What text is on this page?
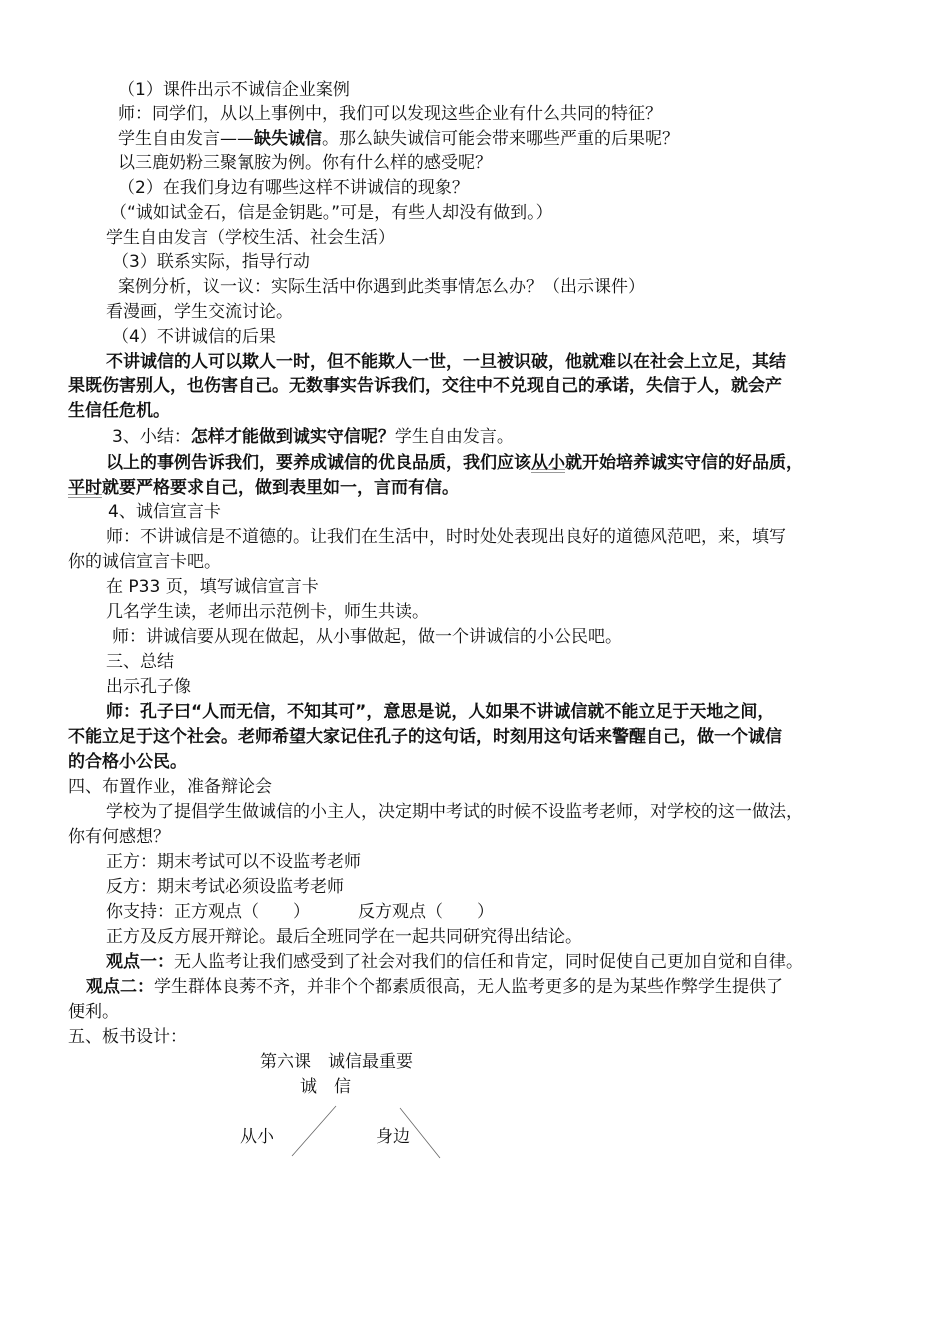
（1）课件出示不诚信企业案例
师：同学们，从以上事例中，我们可以发现这些企业有什么共同的特征？
学生自由发言——缺失诚信。那么缺失诚信可能会带来哪些严重的后果呢？
以三鹿奶粉三聚氰胺为例。你有什么样的感受呢？
（2）在我们身边有哪些这样不讲诚信的现象？
（“诚如试金石，信是金钥匙。”可是，有些人却没有做到。）
学生自由发言（学校生活、社会生活）
（3）联系实际，指导行动
案例分析，议一议：实际生活中你遇到此类事情怎么办？（出示课件）
看漫画，学生交流讨论。
（4）不讲诚信的后果
不讲诚信的人可以欺人一时，但不能欺人一世，一旦被识破，他就难以在社会上立足，其结
果既伤害别人，也伤害自己。无数事实告诉我们，交往中不兑现自己的承诺，失信于人，就会产
生信任危机。
3、小结：怎样才能做到诚实守信呢？学生自由发言。
以上的事例告诉我们，要养成诚信的优良品质，我们应该从小就开始培养诚实守信的好品质，
平时就要严格要求自己，做到表里如一，言而有信。
4、诚信宣言卡
师：不讲诚信是不道德的。让我们在生活中，时时处处表现出良好的道德风范吧，来，填写
你的诚信宣言卡吧。
在 P33 页，填写诚信宣言卡
几名学生读，老师出示范例卡，师生共读。
师：讲诚信要从现在做起，从小事做起，做一个讲诚信的小公民吧。
三、总结
出示孔子像
师：孔子曰“人而无信，不知其可”，意思是说，人如果不讲诚信就不能立足于天地之间，
不能立足于这个社会。老师希望大家记住孔子的这句话，时刻用这句话来警醒自己，做一个诚信
的合格小公民。
四、布置作业，准备辩论会
学校为了提倡学生做诚信的小主人，决定期中考试的时候不设监考老师，对学校的这一做法，
你有何感想？
正方：期末考试可以不设监考老师
反方：期末考试必须设监考老师
你支持：正方观点（　　）	反方观点（　　）
正方及反方展开辩论。最后全班同学在一起共同研究得出结论。
观点一：无人监考让我们感受到了社会对我们的信任和肯定，同时促使自己更加自觉和自律。
观点二：学生群体良莠不齐，并非个个都素质很高，无人监考更多的是为某些作弊学生提供了
便利。
五、板书设计：
第六课　诚信最重要
诚　信
从小	身边
